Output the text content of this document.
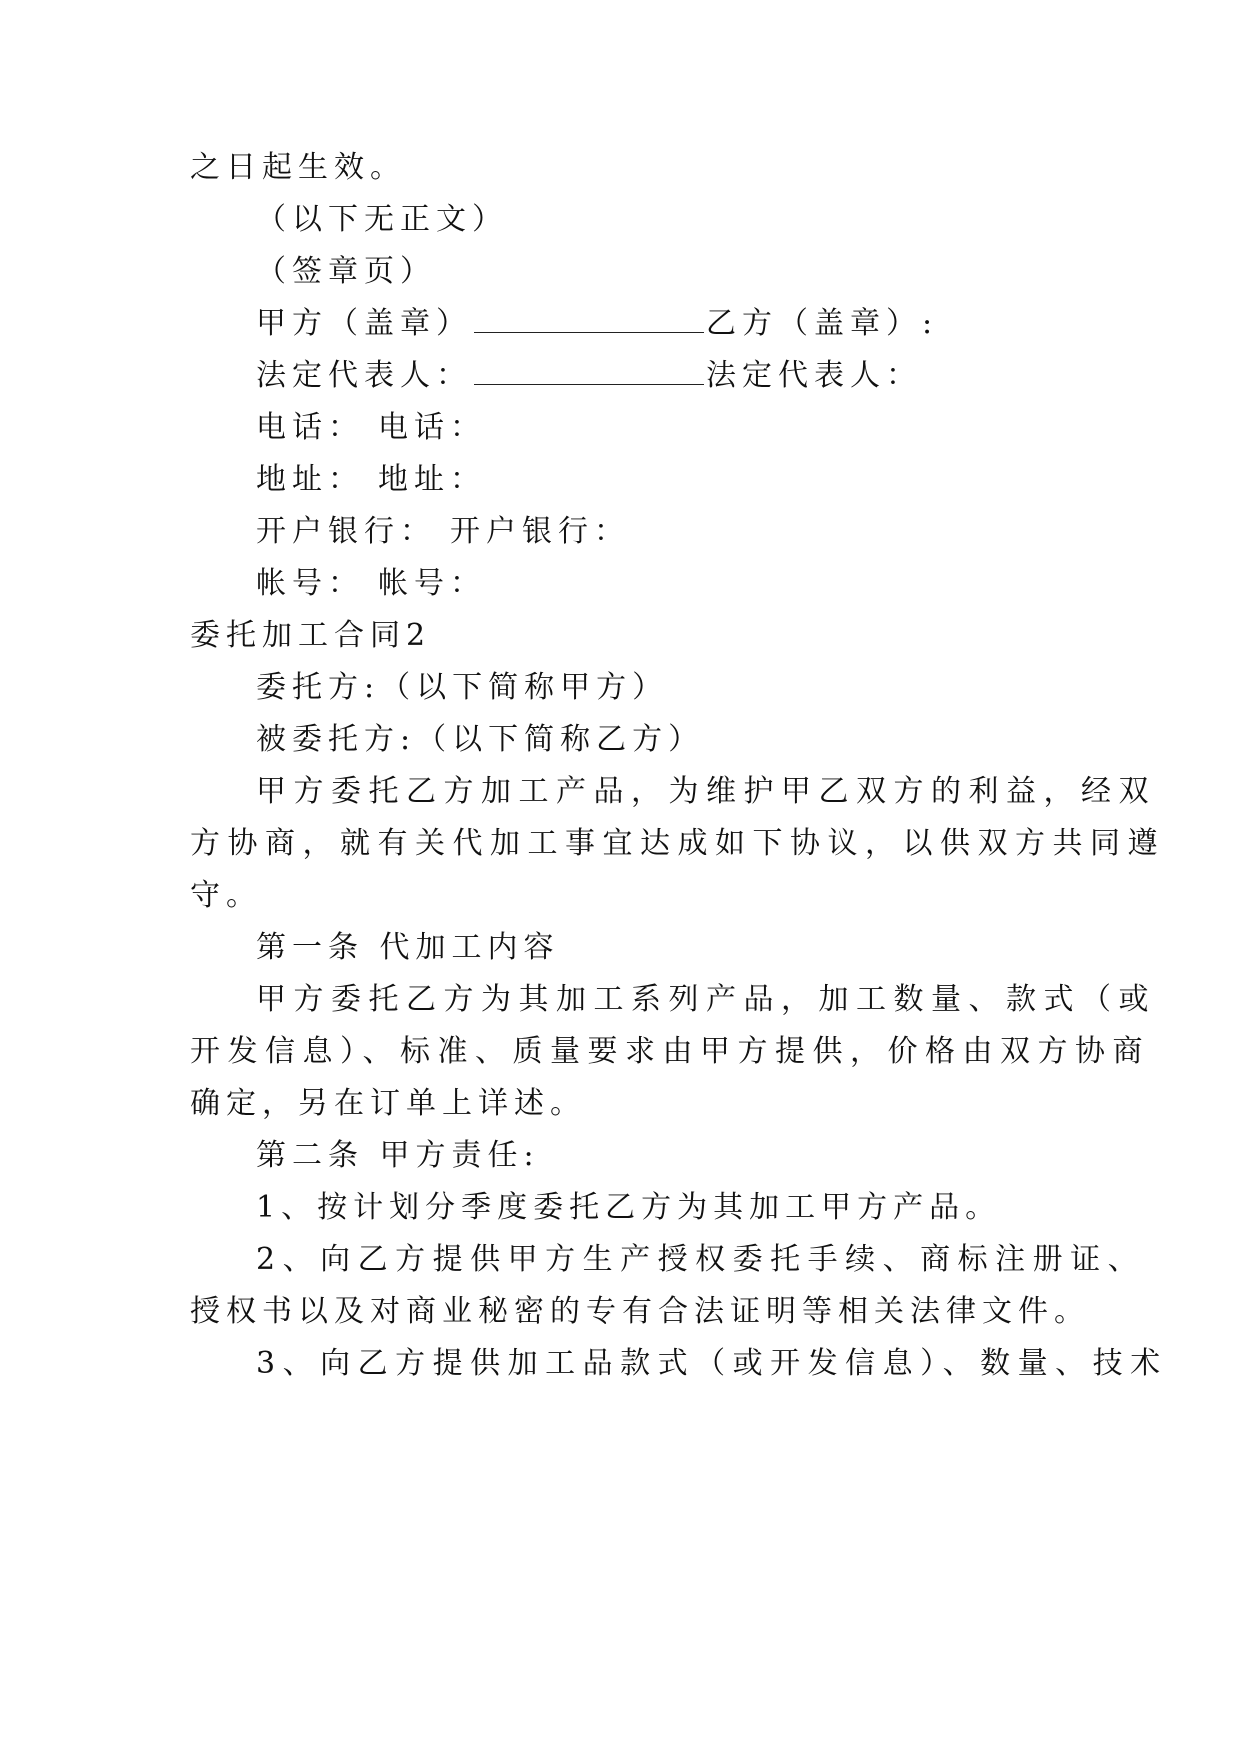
之日起生效。
（以下无正文）
（签章页）
甲方（盖章）	乙方（盖章）:
法定代表人：	法定代表人：
电话： 电话：
地址： 地址：
开户银行： 开户银行：
帐号： 帐号：
委托加工合同2
委托方:（以下简称甲方）
被委托方:（以下简称乙方）
甲方委托乙方加工产品，为维护甲乙双方的利益，经双
方协商，就有关代加工事宜达成如下协议，以供双方共同遵
守。
第一条 代加工内容
甲方委托乙方为其加工系列产品，加工数量、款式（或
开发信息）、标准、质量要求由甲方提供，价格由双方协商
确定，另在订单上详述。
第二条 甲方责任:
1、按计划分季度委托乙方为其加工甲方产品。
2、向乙方提供甲方生产授权委托手续、商标注册证、
授权书以及对商业秘密的专有合法证明等相关法律文件。
3、向乙方提供加工品款式（或开发信息）、数量、技术
